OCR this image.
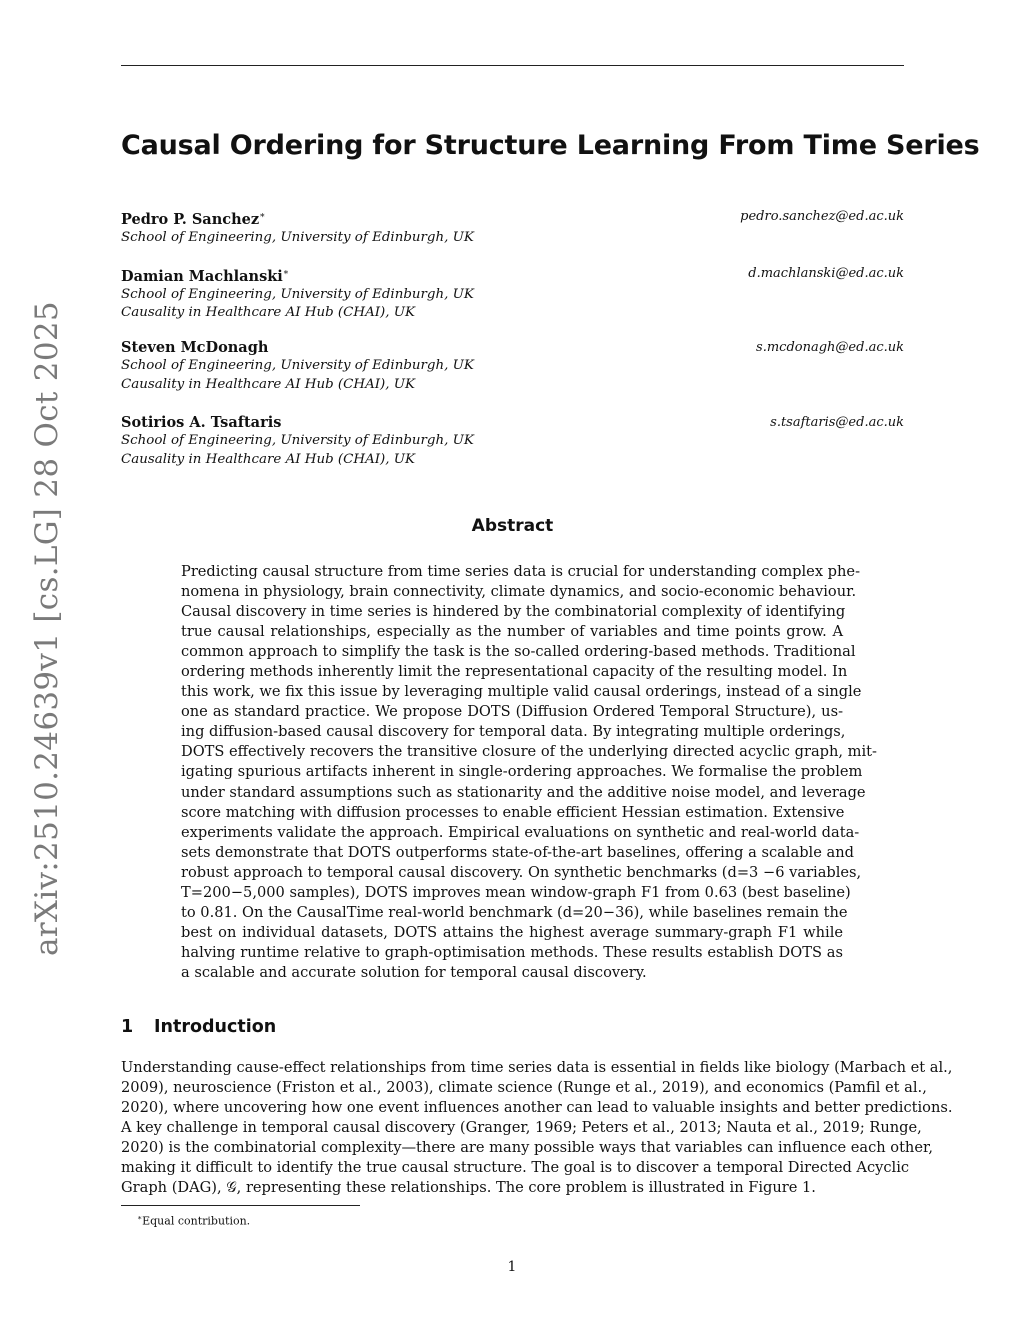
arXiv:2510.24639v1 [cs.LG] 28 Oct 2025
Causal Ordering for Structure Learning From Time Series
Pedro P. Sanchez∗	pedro.sanchez@ed.ac.uk
School of Engineering, University of Edinburgh, UK
Damian Machlanski∗	d.machlanski@ed.ac.uk
School of Engineering, University of Edinburgh, UK
Causality in Healthcare AI Hub (CHAI), UK
Steven McDonagh	s.mcdonagh@ed.ac.uk
School of Engineering, University of Edinburgh, UK
Causality in Healthcare AI Hub (CHAI), UK
Sotirios A. Tsaftaris	s.tsaftaris@ed.ac.uk
School of Engineering, University of Edinburgh, UK
Causality in Healthcare AI Hub (CHAI), UK
Abstract
Predicting causal structure from time series data is crucial for understanding complex phe-
nomena in physiology, brain connectivity, climate dynamics, and socio-economic behaviour.
Causal discovery in time series is hindered by the combinatorial complexity of identifying
true causal relationships, especially as the number of variables and time points grow. A
common approach to simplify the task is the so-called ordering-based methods. Traditional
ordering methods inherently limit the representational capacity of the resulting model. In
this work, we fix this issue by leveraging multiple valid causal orderings, instead of a single
one as standard practice. We propose DOTS (Diffusion Ordered Temporal Structure), us-
ing diffusion-based causal discovery for temporal data. By integrating multiple orderings,
DOTS effectively recovers the transitive closure of the underlying directed acyclic graph, mit-
igating spurious artifacts inherent in single-ordering approaches. We formalise the problem
under standard assumptions such as stationarity and the additive noise model, and leverage
score matching with diffusion processes to enable efficient Hessian estimation. Extensive
experiments validate the approach. Empirical evaluations on synthetic and real-world data-
sets demonstrate that DOTS outperforms state-of-the-art baselines, offering a scalable and
robust approach to temporal causal discovery. On synthetic benchmarks (d=3 −6 variables,
T=200−5,000 samples), DOTS improves mean window-graph F1 from 0.63 (best baseline)
to 0.81. On the CausalTime real-world benchmark (d=20−36), while baselines remain the
best on individual datasets, DOTS attains the highest average summary-graph F1 while
halving runtime relative to graph-optimisation methods. These results establish DOTS as
a scalable and accurate solution for temporal causal discovery.
1 Introduction
Understanding cause-effect relationships from time series data is essential in fields like biology (Marbach et al.,
2009), neuroscience (Friston et al., 2003), climate science (Runge et al., 2019), and economics (Pamfil et al.,
2020), where uncovering how one event influences another can lead to valuable insights and better predictions.
A key challenge in temporal causal discovery (Granger, 1969; Peters et al., 2013; Nauta et al., 2019; Runge,
2020) is the combinatorial complexity—there are many possible ways that variables can influence each other,
making it difficult to identify the true causal structure. The goal is to discover a temporal Directed Acyclic
Graph (DAG), 𝒢, representing these relationships. The core problem is illustrated in Figure 1.
∗Equal contribution.
1
